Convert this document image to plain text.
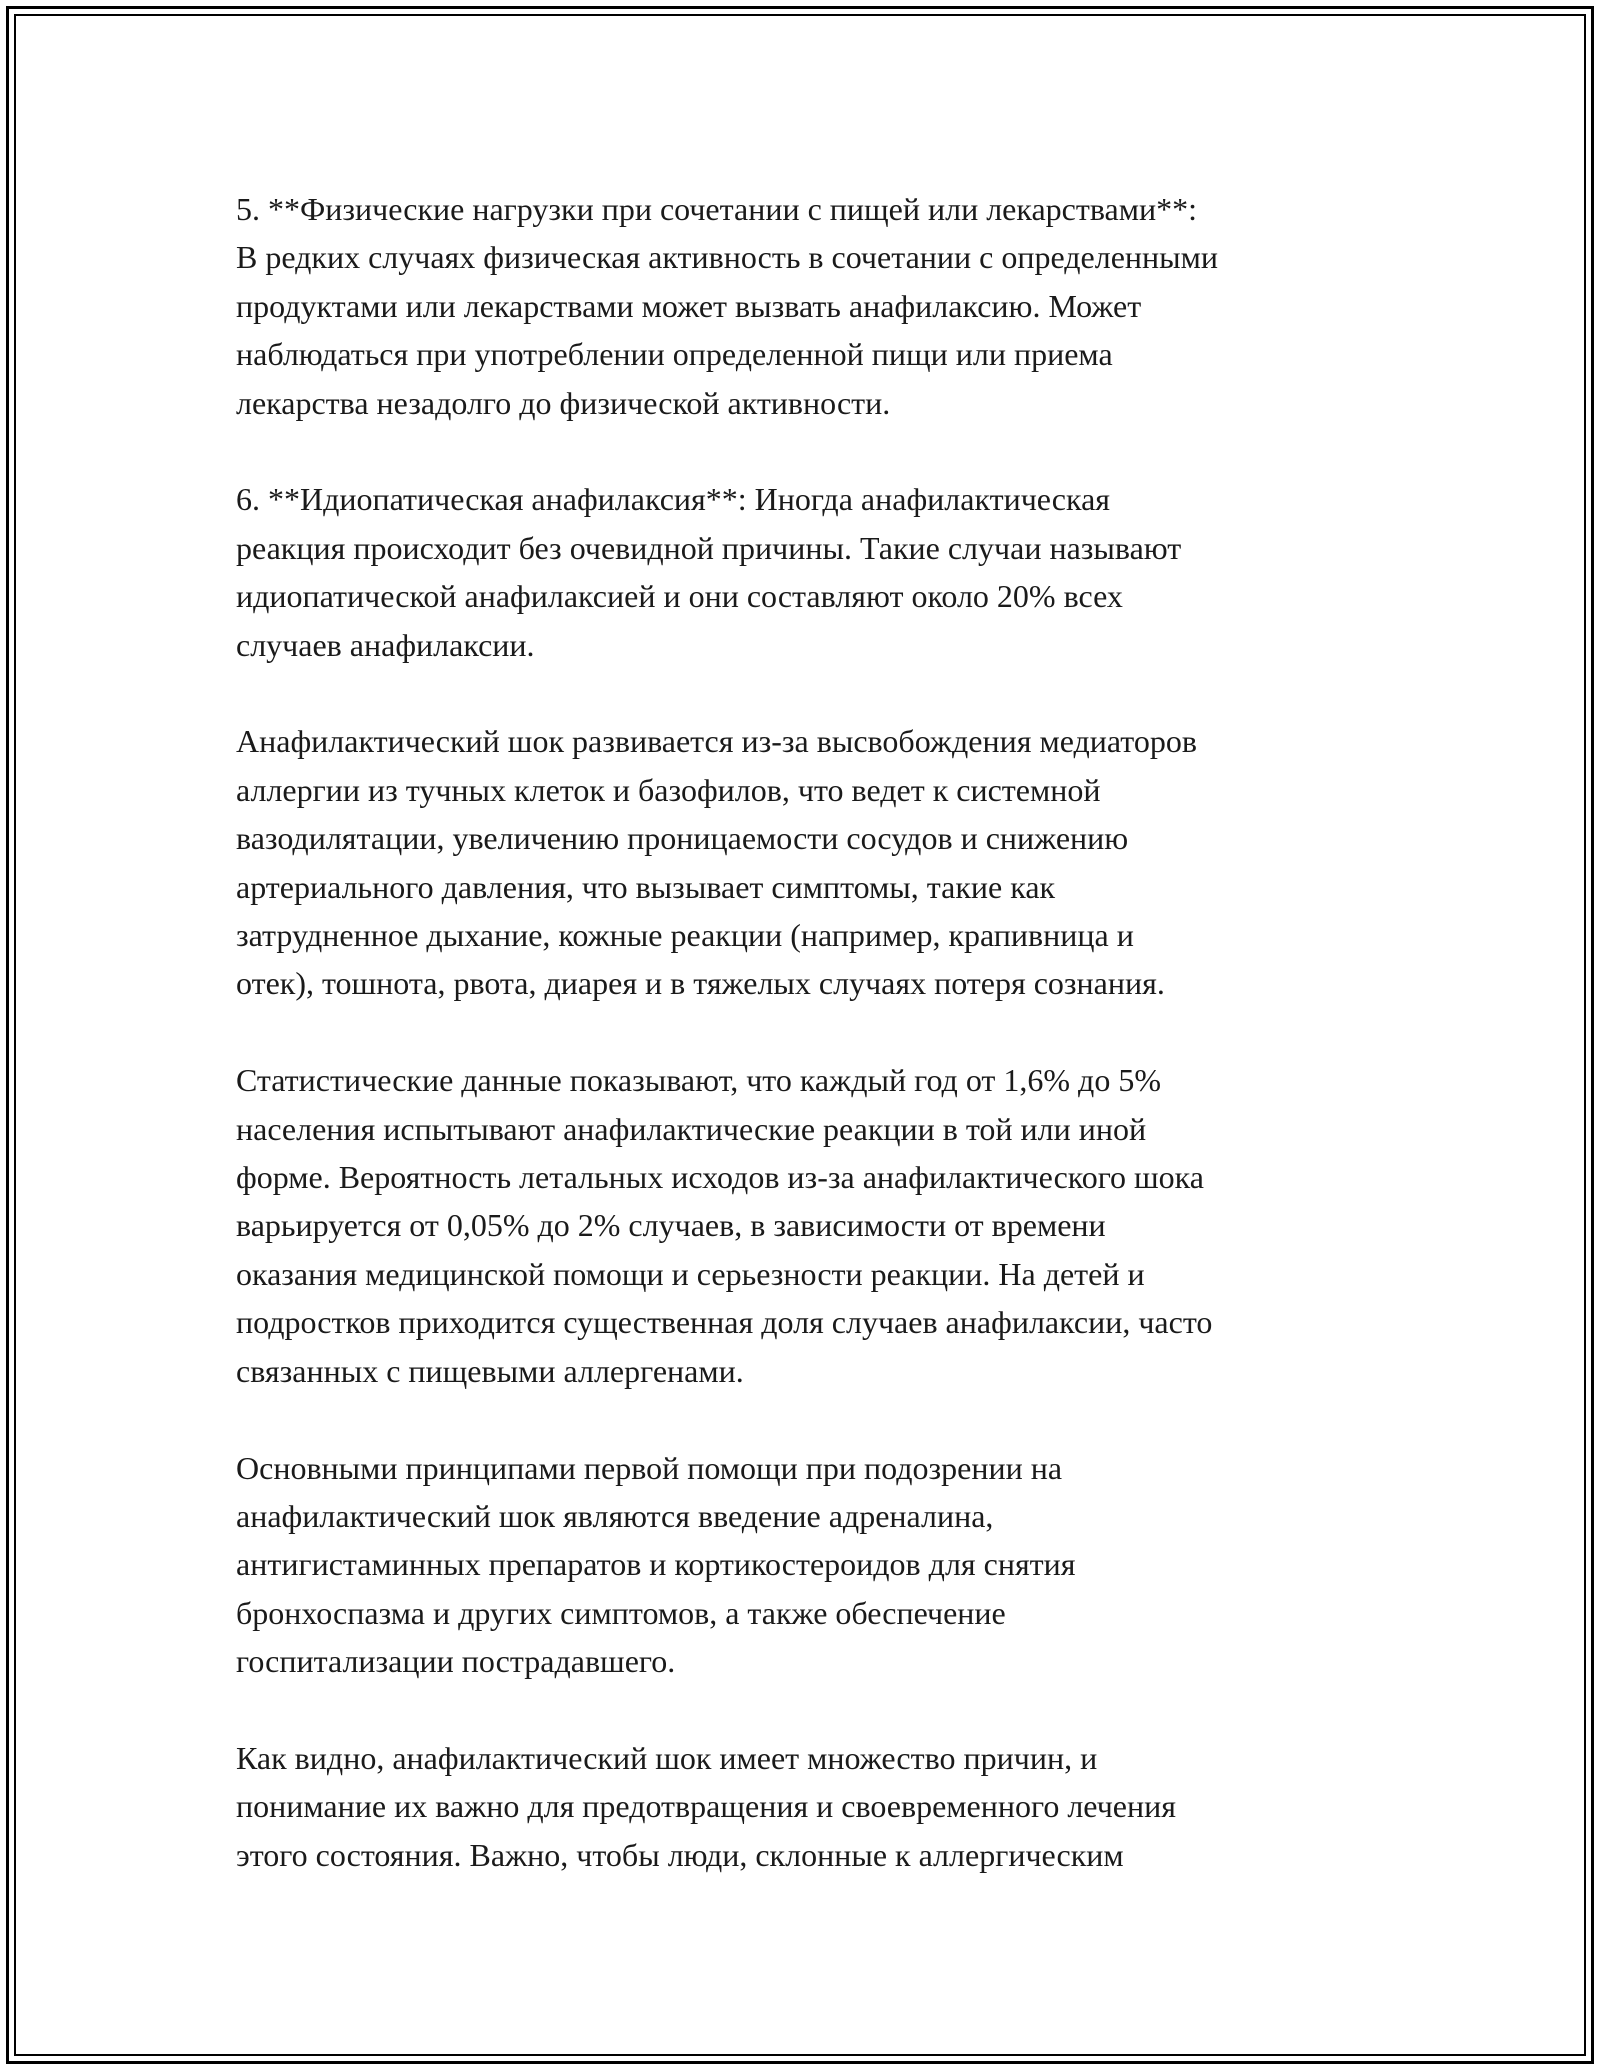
5. **Физические нагрузки при сочетании с пищей или лекарствами**:
В редких случаях физическая активность в сочетании с определенными
продуктами или лекарствами может вызвать анафилаксию. Может
наблюдаться при употреблении определенной пищи или приема
лекарства незадолго до физической активности.

6. **Идиопатическая анафилаксия**: Иногда анафилактическая
реакция происходит без очевидной причины. Такие случаи называют
идиопатической анафилаксией и они составляют около 20% всех
случаев анафилаксии.

Анафилактический шок развивается из-за высвобождения медиаторов
аллергии из тучных клеток и базофилов, что ведет к системной
вазодилятации, увеличению проницаемости сосудов и снижению
артериального давления, что вызывает симптомы, такие как
затрудненное дыхание, кожные реакции (например, крапивница и
отек), тошнота, рвота, диарея и в тяжелых случаях потеря сознания.

Статистические данные показывают, что каждый год от 1,6% до 5%
населения испытывают анафилактические реакции в той или иной
форме. Вероятность летальных исходов из-за анафилактического шока
варьируется от 0,05% до 2% случаев, в зависимости от времени
оказания медицинской помощи и серьезности реакции. На детей и
подростков приходится существенная доля случаев анафилаксии, часто
связанных с пищевыми аллергенами.

Основными принципами первой помощи при подозрении на
анафилактический шок являются введение адреналина,
антигистаминных препаратов и кортикостероидов для снятия
бронхоспазма и других симптомов, а также обеспечение
госпитализации пострадавшего.

Как видно, анафилактический шок имеет множество причин, и
понимание их важно для предотвращения и своевременного лечения
этого состояния. Важно, чтобы люди, склонные к аллергическим
